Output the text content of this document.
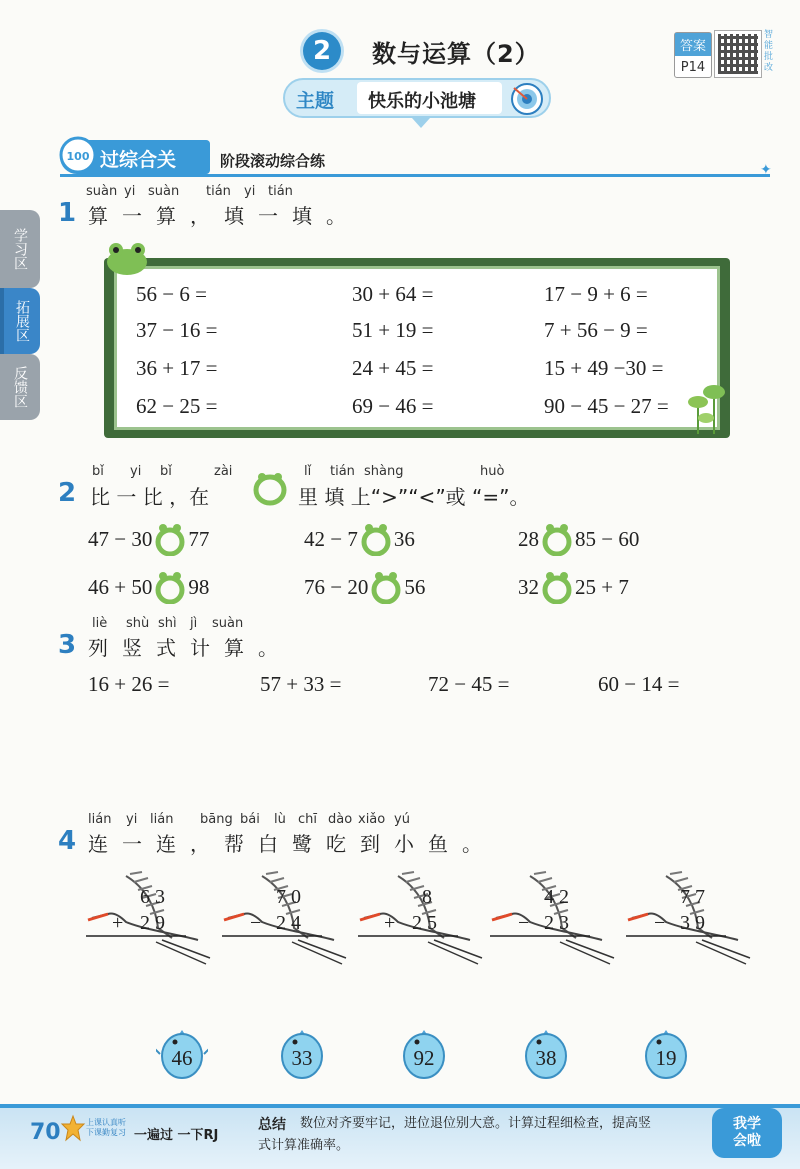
2	数与运算（2）	答案
P14
智能批改
主题 快乐的小池塘
100 过综合关	阶段滚动综合练	✦
学习区
拓展区
反馈区
1
suàn yi suàn tián yi tián
算一算，填一填。
56 − 6 =	30 + 64 =	17 − 9 + 6 =
37 − 16 =	51 + 19 =	7 + 56 − 9 =
36 + 17 =	24 + 45 =	15 + 49 −30 =
62 − 25 =	69 − 46 =	90 − 45 − 27 =
2
bǐ yi bǐ	zài	lǐ tián shàng	huò
比 一 比 ，在	里 填 上“>”“<”或 “=”。
47 − 30 77	42 − 7 36	28 85 − 60
46 + 50 98	76 − 20 56	32 25 + 7
3
liè shù shì jì suàn
列竖式计算。
16 + 26 =	57 + 33 =	72 − 45 =	60 − 14 =
4
lián yi lián bāng bái lù chī dào xiǎo yú
连一连，帮白鹭吃到小鱼。
6 3
+ 2 9
7 0
− 2 4
8
+ 2 5
4 2
− 2 3
7 7
− 3 9
46	33	92	38	19
70	上课认真听 下课勤复习 一遍过 一下RJ
总结 数位对齐要牢记，进位退位别大意。计算过程细检查，提高竖
式计算准确率。
我学
会啦
